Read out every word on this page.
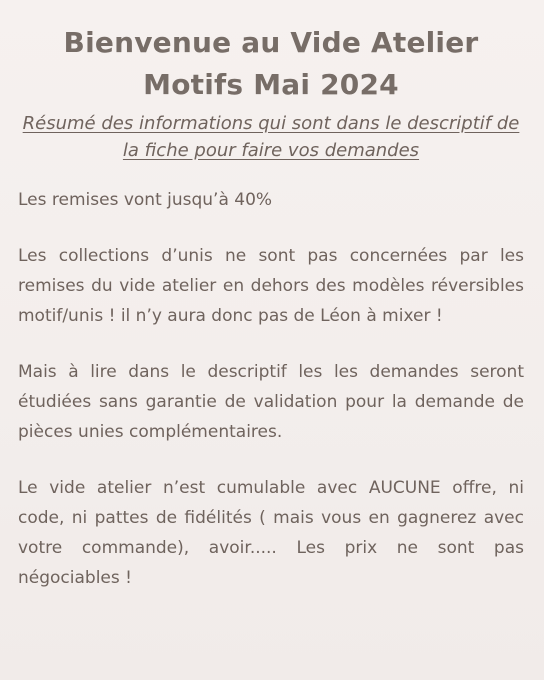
Bienvenue au Vide Atelier
Motifs Mai 2024

Résumé des informations qui sont dans le descriptif de la fiche pour faire vos demandes

Les remises vont jusqu’à 40%

Les collections d’unis ne sont pas concernées par les remises du vide atelier en dehors des modèles réversibles motif/unis ! il n’y aura donc pas de Léon à mixer !

Mais à lire dans le descriptif les les demandes seront étudiées sans garantie de validation pour la demande de pièces unies complémentaires.

Le vide atelier n’est cumulable avec AUCUNE offre, ni code, ni pattes de fidélités ( mais vous en gagnerez avec votre commande), avoir..... Les prix ne sont pas négociables !
